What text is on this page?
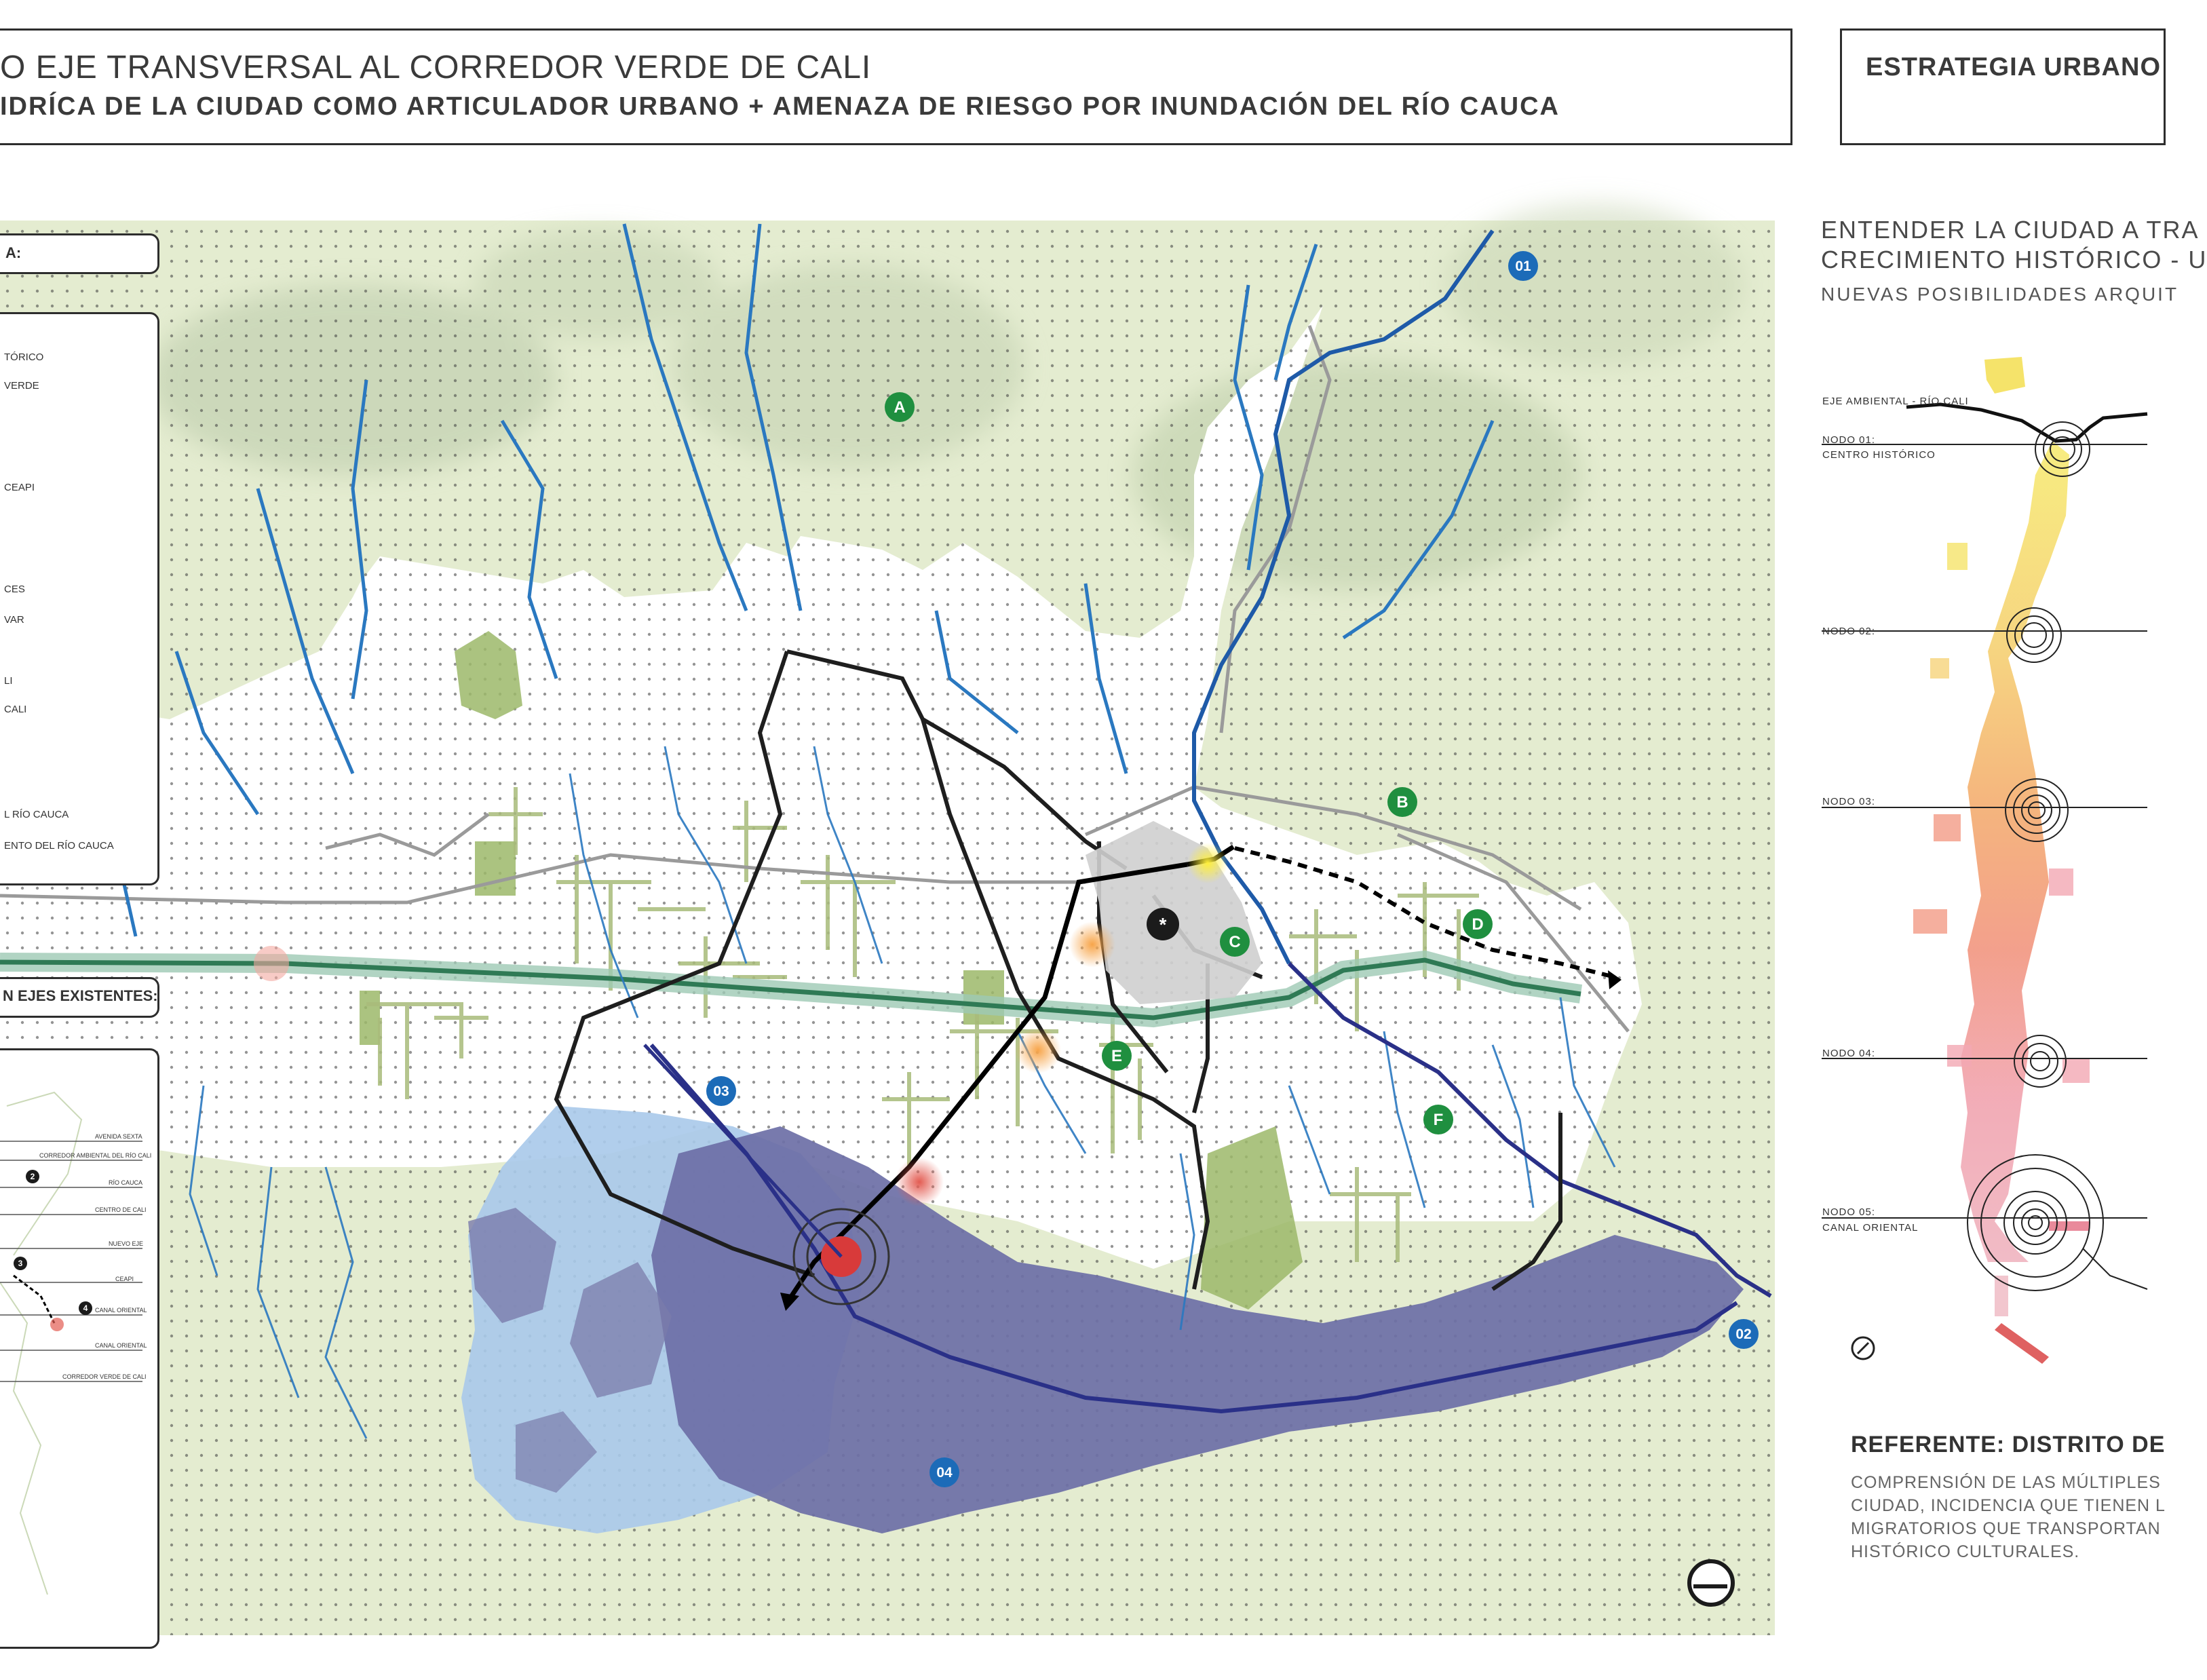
O EJE TRANSVERSAL AL CORREDOR VERDE DE CALI
IDRÍCA DE LA CIUDAD COMO ARTICULADOR URBANO + AMENAZA DE RIESGO POR INUNDACIÓN DEL RÍO CAUCA
ESTRATEGIA URBANO
*
A
B
C
D
E
F
01
02
03
04
A:
TÓRICO
VERDE
CEAPI
CES
VAR
LI
CALI
L RÍO CAUCA
ENTO DEL RÍO CAUCA
N EJES EXISTENTES:
AVENIDA SEXTA
CORREDOR AMBIENTAL DEL RÍO CALI
RÍO CAUCA
CENTRO DE CALI
NUEVO EJE
CEAPI
CANAL ORIENTAL
CANAL ORIENTAL
CORREDOR VERDE DE CALI
2
3
4
ENTENDER LA CIUDAD A TRA
CRECIMIENTO HISTÓRICO - U
NUEVAS POSIBILIDADES ARQUIT
EJE AMBIENTAL - RÍO CALI
NODO 01:
CENTRO HISTÓRICO
NODO 02:
NODO 03:
NODO 04:
NODO 05:
CANAL ORIENTAL
REFERENTE: DISTRITO DE
COMPRENSIÓN DE LAS MÚLTIPLES
CIUDAD, INCIDENCIA QUE TIENEN L
MIGRATORIOS QUE TRANSPORTAN
HISTÓRICO CULTURALES.
